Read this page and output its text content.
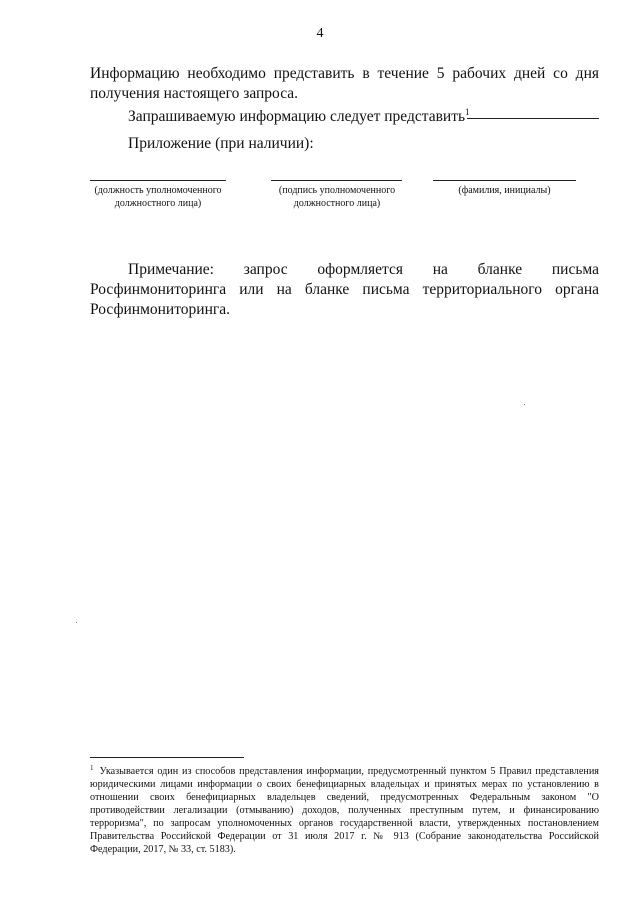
4

Информацию необходимо представить в течение 5 рабочих дней со дня получения настоящего запроса.

Запрашиваемую информацию следует представить$^1$
Приложение (при наличии):
(должность уполномоченного должностного лица)
(подпись уполномоченного должностного лица)
(фамилия, инициалы)

Примечание: запрос оформляется на бланке письма Росфинмониторинга или на бланке письма территориального органа Росфинмониторинга.

$^1$ Указывается один из способов представления информации, предусмотренный пунктом 5 Правил представления юридическими лицами информации о своих бенефициарных владельцах и принятых мерах по установлению в отношении своих бенефициарных владельцев сведений, предусмотренных Федеральным законом "О противодействии легализации (отмыванию) доходов, полученных преступным путем, и финансированию терроризма", по запросам уполномоченных органов государственной власти, утвержденных постановлением Правительства Российской Федерации от 31 июля 2017 г. № 913 (Собрание законодательства Российской Федерации, 2017, № 33, ст. 5183).
